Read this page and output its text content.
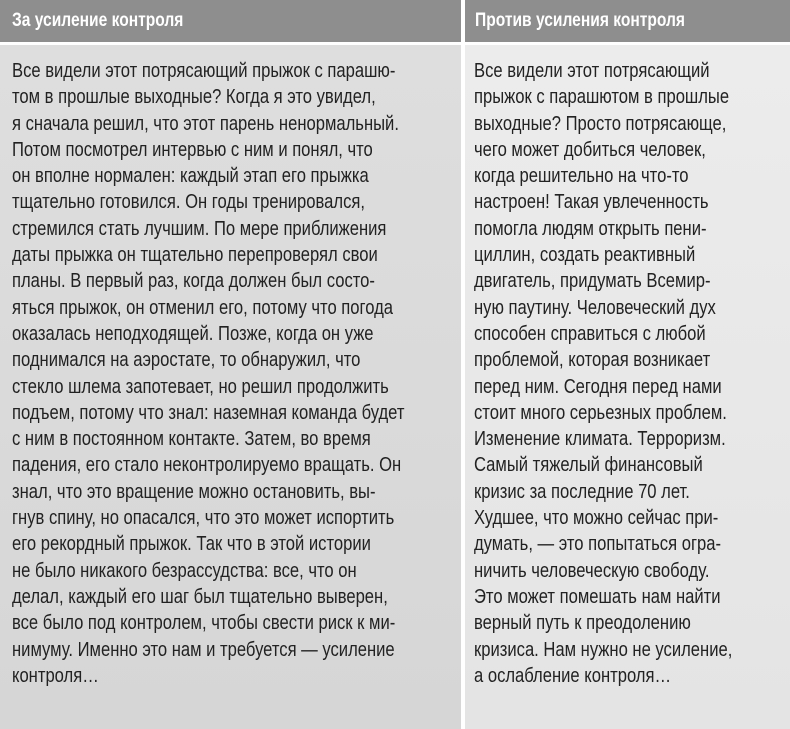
За усиление контроля	Против усиления контроля
Все видели этот потрясающий прыжок с парашю-
том в прошлые выходные? Когда я это увидел,
я сначала решил, что этот парень ненормальный.
Потом посмотрел интервью с ним и понял, что
он вполне нормален: каждый этап его прыжка
тщательно готовился. Он годы тренировался,
стремился стать лучшим. По мере приближения
даты прыжка он тщательно перепроверял свои
планы. В первый раз, когда должен был состо-
яться прыжок, он отменил его, потому что погода
оказалась неподходящей. Позже, когда он уже
поднимался на аэростате, то обнаружил, что
стекло шлема запотевает, но решил продолжить
подъем, потому что знал: наземная команда будет
с ним в постоянном контакте. Затем, во время
падения, его стало неконтролируемо вращать. Он
знал, что это вращение можно остановить, вы-
гнув спину, но опасался, что это может испортить
его рекордный прыжок. Так что в этой истории
не было никакого безрассудства: все, что он
делал, каждый его шаг был тщательно выверен,
все было под контролем, чтобы свести риск к ми-
нимуму. Именно это нам и требуется — усиление
контроля…
Все видели этот потрясающий
прыжок с парашютом в прошлые
выходные? Просто потрясающе,
чего может добиться человек,
когда решительно на что-то
настроен! Такая увлеченность
помогла людям открыть пени-
циллин, создать реактивный
двигатель, придумать Всемир-
ную паутину. Человеческий дух
способен справиться с любой
проблемой, которая возникает
перед ним. Сегодня перед нами
стоит много серьезных проблем.
Изменение климата. Терроризм.
Самый тяжелый финансовый
кризис за последние 70 лет.
Худшее, что можно сейчас при-
думать, — это попытаться огра-
ничить человеческую свободу.
Это может помешать нам найти
верный путь к преодолению
кризиса. Нам нужно не усиление,
а ослабление контроля…
